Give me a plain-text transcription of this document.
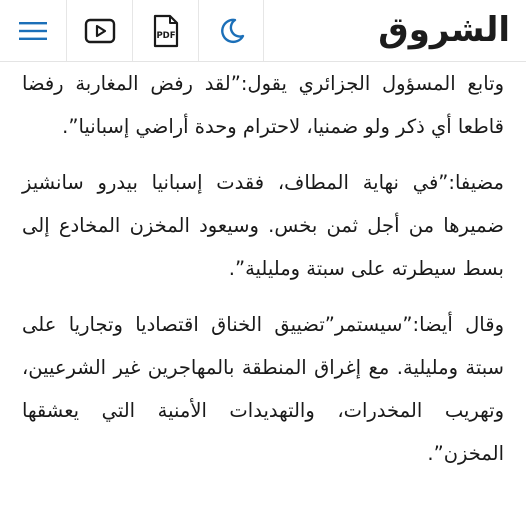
PDF	الشروق

وتابع المسؤول الجزائري يقول:”لقد رفض المغاربة رفضا قاطعا أي ذكر ولو ضمنيا، لاحترام وحدة أراضي إسبانيا”.

مضيفا:”في نهاية المطاف، فقدت إسبانيا بيدرو سانشيز ضميرها من أجل ثمن بخس. وسيعود المخزن المخادع إلى بسط سيطرته على سبتة ومليلية”.

وقال أيضا:”سيستمر”تضييق الخناق اقتصاديا وتجاريا على سبتة ومليلية. مع إغراق المنطقة بالمهاجرين غير الشرعيين، وتهريب المخدرات، والتهديدات الأمنية التي يعشقها المخزن”.
